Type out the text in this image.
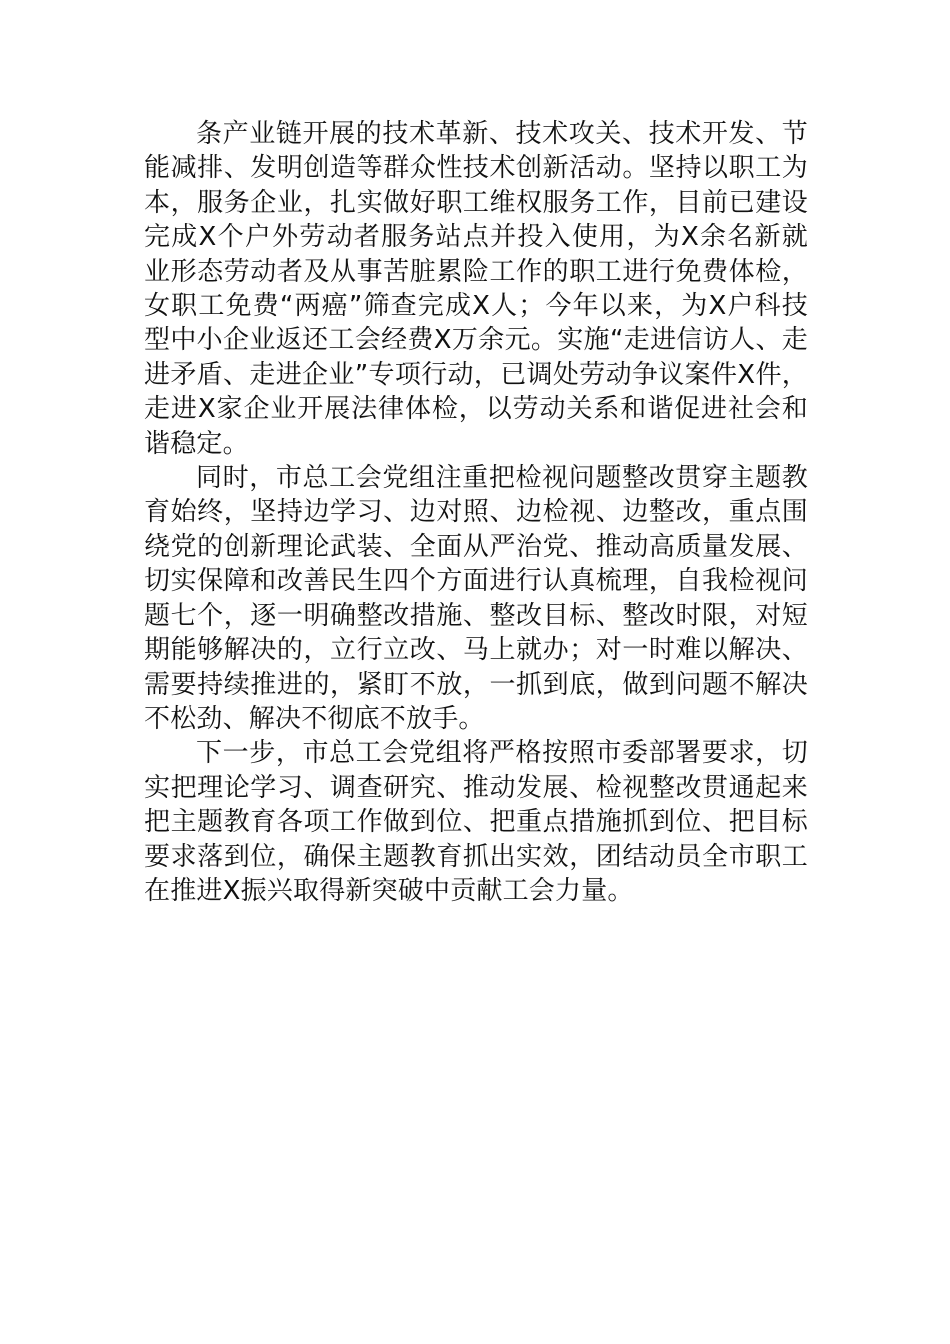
条产业链开展的技术革新、技术攻关、技术开发、节能减排、发明创造等群众性技术创新活动。坚持以职工为本，服务企业，扎实做好职工维权服务工作，目前已建设完成X个户外劳动者服务站点并投入使用，为X余名新就业形态劳动者及从事苦脏累险工作的职工进行免费体检，女职工免费“两癌”筛查完成X人；今年以来，为X户科技型中小企业返还工会经费X万余元。实施“走进信访人、走进矛盾、走进企业”专项行动，已调处劳动争议案件X件，走进X家企业开展法律体检，以劳动关系和谐促进社会和谐稳定。

同时，市总工会党组注重把检视问题整改贯穿主题教育始终，坚持边学习、边对照、边检视、边整改，重点围绕党的创新理论武装、全面从严治党、推动高质量发展、切实保障和改善民生四个方面进行认真梳理，自我检视问题七个，逐一明确整改措施、整改目标、整改时限，对短期能够解决的，立行立改、马上就办；对一时难以解决、需要持续推进的，紧盯不放，一抓到底，做到问题不解决不松劲、解决不彻底不放手。

下一步，市总工会党组将严格按照市委部署要求，切实把理论学习、调查研究、推动发展、检视整改贯通起来把主题教育各项工作做到位、把重点措施抓到位、把目标要求落到位，确保主题教育抓出实效，团结动员全市职工在推进X振兴取得新突破中贡献工会力量。
